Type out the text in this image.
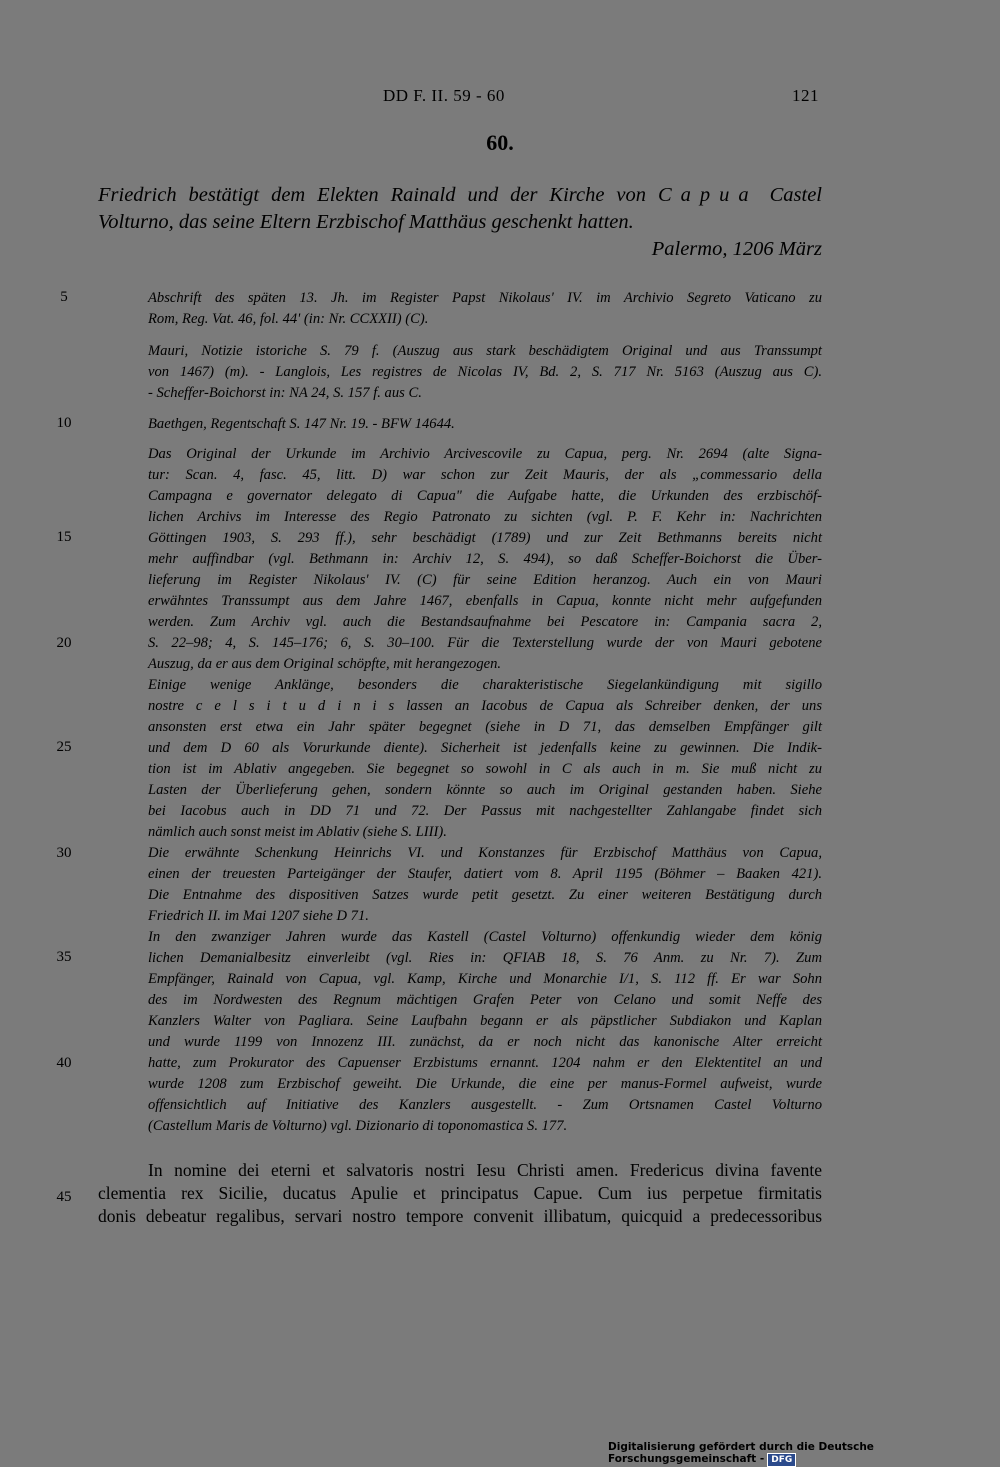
DD F. II. 59 - 60	121
60.
Friedrich bestätigt dem Elekten Rainald und der Kirche von Capua Castel
Volturno, das seine Eltern Erzbischof Matthäus geschenkt hatten.
Palermo, 1206 März
5
10
15
20
25
30
35
40
45
Abschrift des späten 13. Jh. im Register Papst Nikolaus' IV. im Archivio Segreto Vaticano zu
Rom, Reg. Vat. 46, fol. 44' (in: Nr. CCXXII) (C).
Mauri, Notizie istoriche S. 79 f. (Auszug aus stark beschädigtem Original und aus Transsumpt
von 1467) (m). - Langlois, Les registres de Nicolas IV, Bd. 2, S. 717 Nr. 5163 (Auszug aus C).
- Scheffer-Boichorst in: NA 24, S. 157 f. aus C.
Baethgen, Regentschaft S. 147 Nr. 19. - BFW 14644.
Das Original der Urkunde im Archivio Arcivescovile zu Capua, perg. Nr. 2694 (alte Signa-
tur: Scan. 4, fasc. 45, litt. D) war schon zur Zeit Mauris, der als „commessario della
Campagna e governator delegato di Capua" die Aufgabe hatte, die Urkunden des erzbischöf-
lichen Archivs im Interesse des Regio Patronato zu sichten (vgl. P. F. Kehr in: Nachrichten
Göttingen 1903, S. 293 ff.), sehr beschädigt (1789) und zur Zeit Bethmanns bereits nicht
mehr auffindbar (vgl. Bethmann in: Archiv 12, S. 494), so daß Scheffer-Boichorst die Über-
lieferung im Register Nikolaus' IV. (C) für seine Edition heranzog. Auch ein von Mauri
erwähntes Transsumpt aus dem Jahre 1467, ebenfalls in Capua, konnte nicht mehr aufgefunden
werden. Zum Archiv vgl. auch die Bestandsaufnahme bei Pescatore in: Campania sacra 2,
S. 22–98; 4, S. 145–176; 6, S. 30–100. Für die Texterstellung wurde der von Mauri gebotene
Auszug, da er aus dem Original schöpfte, mit herangezogen.
Einige wenige Anklänge, besonders die charakteristische Siegelankündigung mit sigillo
nostre c e l s i t u d i n i s lassen an Iacobus de Capua als Schreiber denken, der uns
ansonsten erst etwa ein Jahr später begegnet (siehe in D 71, das demselben Empfänger gilt
und dem D 60 als Vorurkunde diente). Sicherheit ist jedenfalls keine zu gewinnen. Die Indik-
tion ist im Ablativ angegeben. Sie begegnet so sowohl in C als auch in m. Sie muß nicht zu
Lasten der Überlieferung gehen, sondern könnte so auch im Original gestanden haben. Siehe
bei Iacobus auch in DD 71 und 72. Der Passus mit nachgestellter Zahlangabe findet sich
nämlich auch sonst meist im Ablativ (siehe S. LIII).
Die erwähnte Schenkung Heinrichs VI. und Konstanzes für Erzbischof Matthäus von Capua,
einen der treuesten Parteigänger der Staufer, datiert vom 8. April 1195 (Böhmer – Baaken 421).
Die Entnahme des dispositiven Satzes wurde petit gesetzt. Zu einer weiteren Bestätigung durch
Friedrich II. im Mai 1207 siehe D 71.
In den zwanziger Jahren wurde das Kastell (Castel Volturno) offenkundig wieder dem könig
lichen Demanialbesitz einverleibt (vgl. Ries in: QFIAB 18, S. 76 Anm. zu Nr. 7). Zum
Empfänger, Rainald von Capua, vgl. Kamp, Kirche und Monarchie I/1, S. 112 ff. Er war Sohn
des im Nordwesten des Regnum mächtigen Grafen Peter von Celano und somit Neffe des
Kanzlers Walter von Pagliara. Seine Laufbahn begann er als päpstlicher Subdiakon und Kaplan
und wurde 1199 von Innozenz III. zunächst, da er noch nicht das kanonische Alter erreicht
hatte, zum Prokurator des Capuenser Erzbistums ernannt. 1204 nahm er den Elektentitel an und
wurde 1208 zum Erzbischof geweiht. Die Urkunde, die eine per manus-Formel aufweist, wurde
offensichtlich auf Initiative des Kanzlers ausgestellt. - Zum Ortsnamen Castel Volturno
(Castellum Maris de Volturno) vgl. Dizionario di toponomastica S. 177.
In nomine dei eterni et salvatoris nostri Iesu Christi amen. Fredericus divina favente
clementia rex Sicilie, ducatus Apulie et principatus Capue. Cum ius perpetue firmitatis
donis debeatur regalibus, servari nostro tempore convenit illibatum, quicquid a predecessoribus
Digitalisierung gefördert durch die Deutsche Forschungsgemeinschaft - DFG
